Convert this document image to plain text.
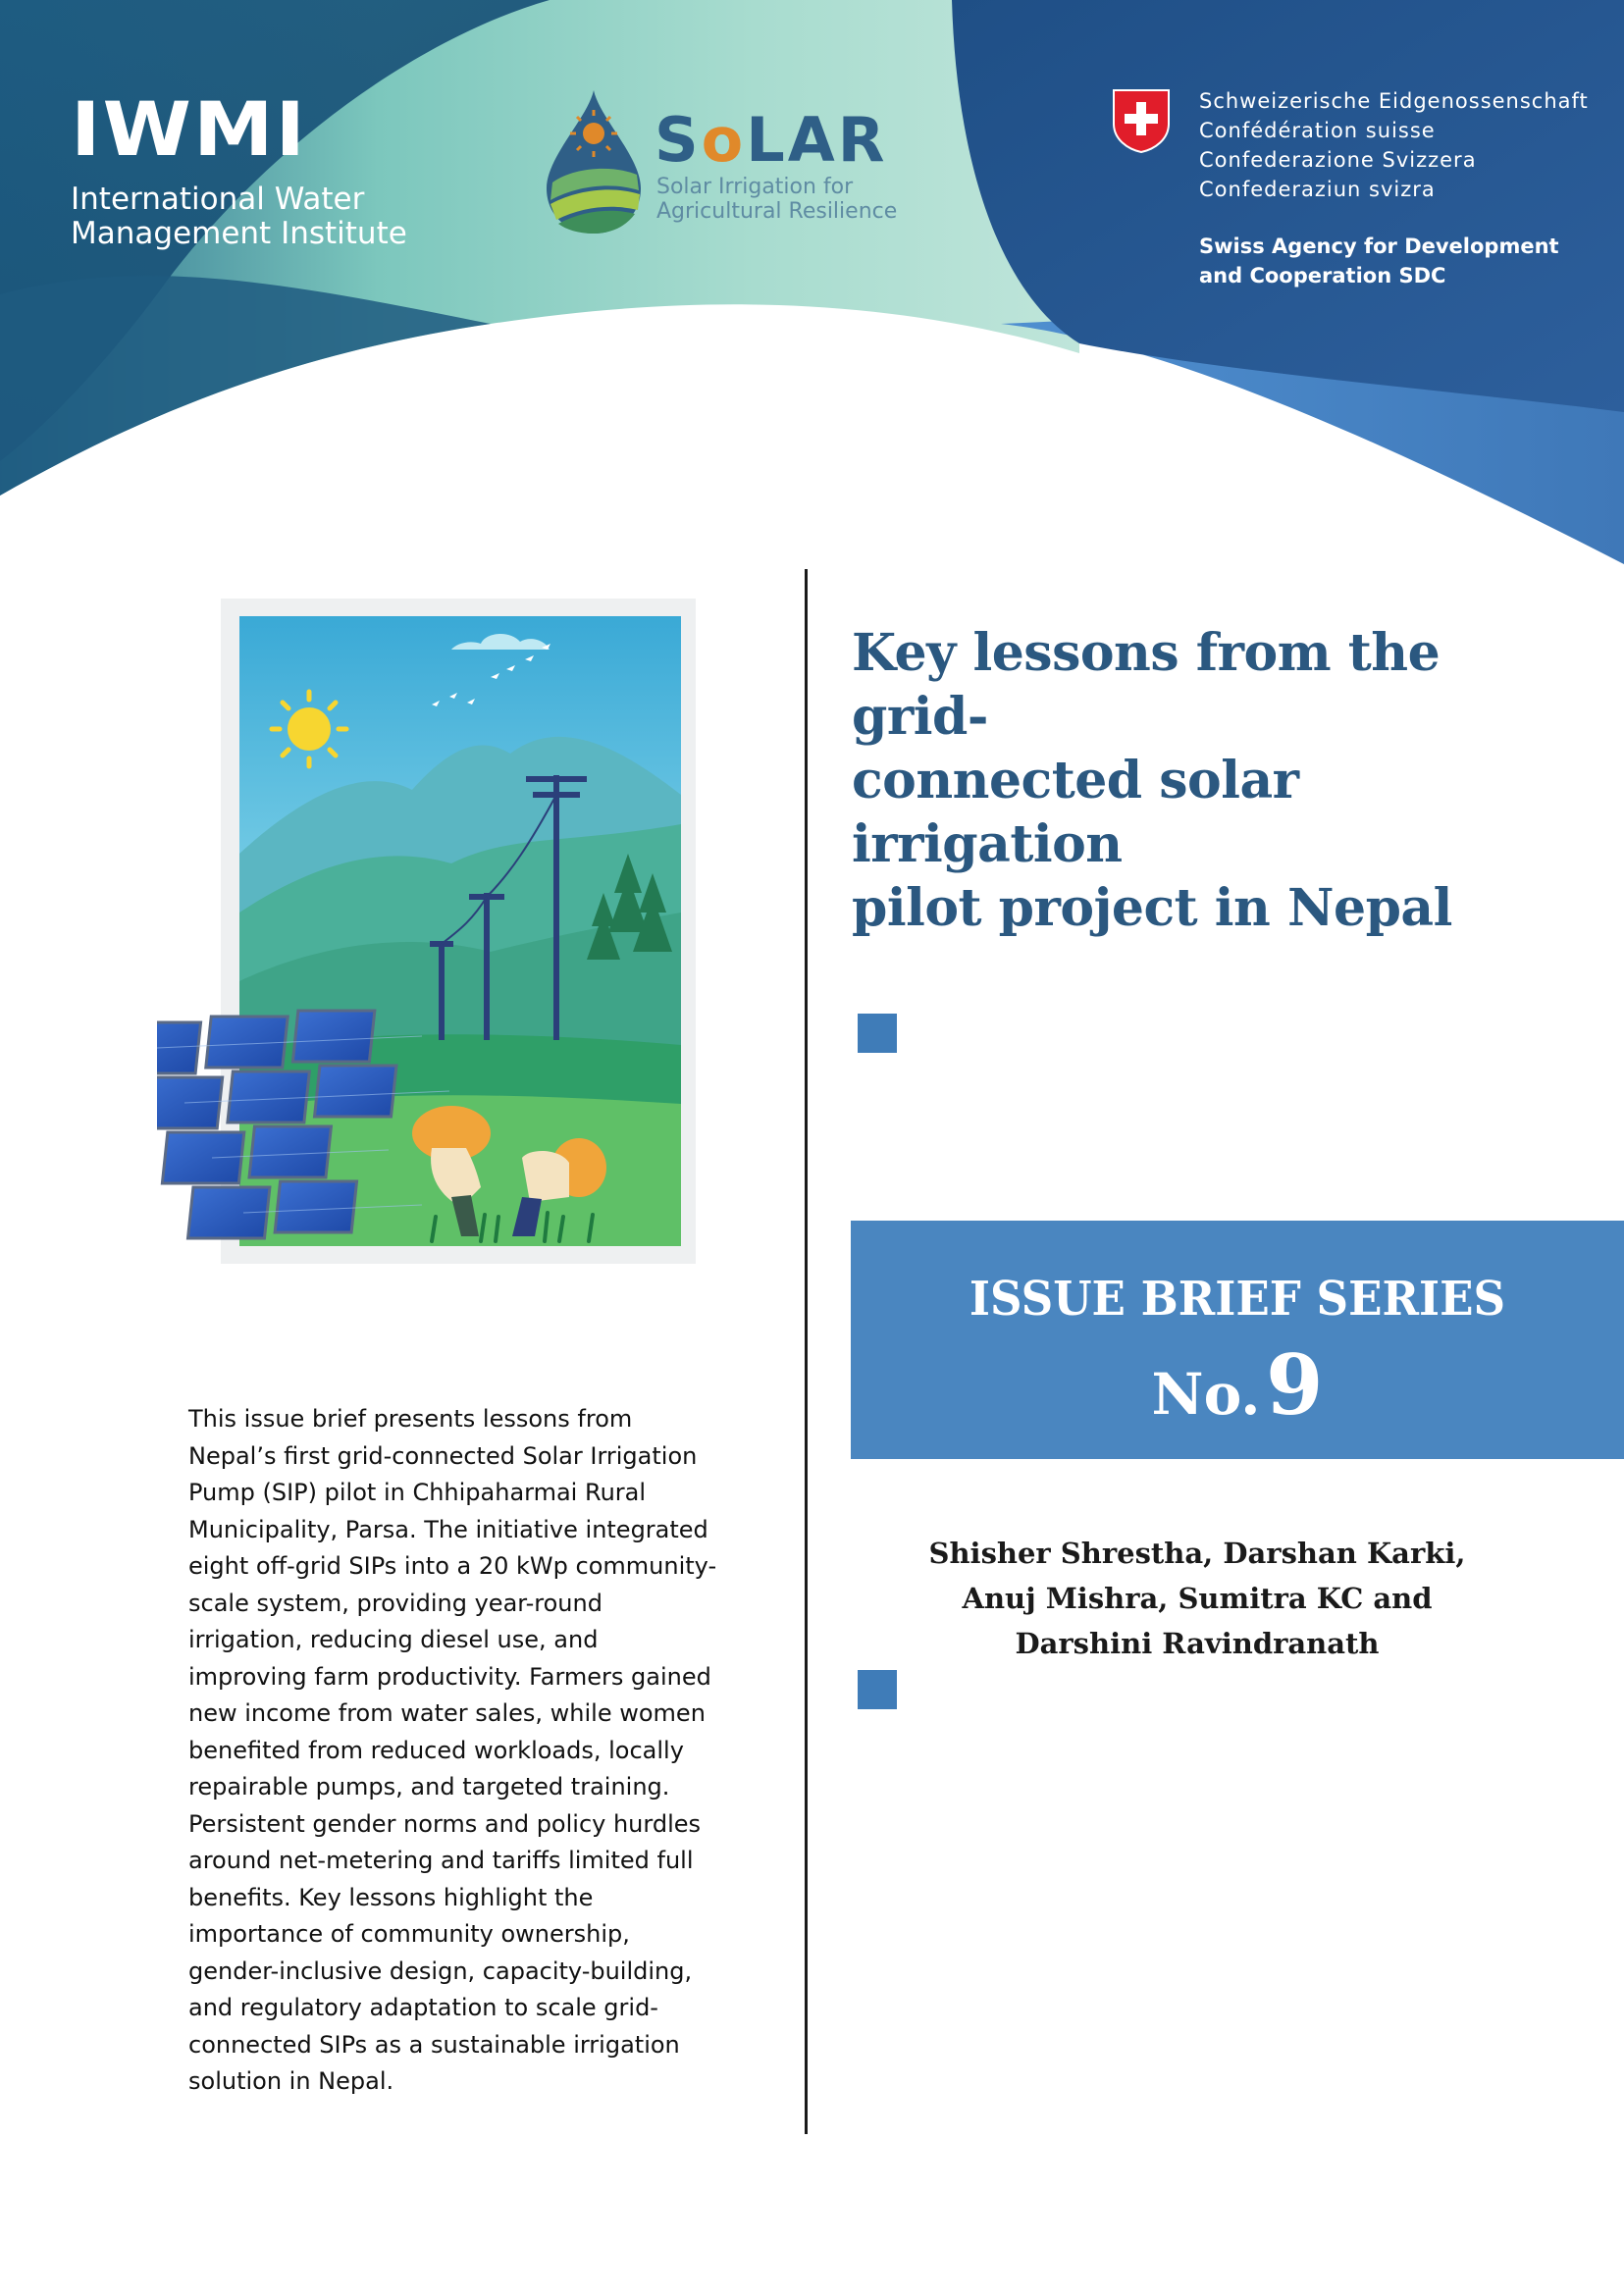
IWMI
International Water
Management Institute
SoLAR
Solar Irrigation for
Agricultural Resilience
Schweizerische Eidgenossenschaft
Confédération suisse
Confederazione Svizzera
Confederaziun svizra
Swiss Agency for Development
and Cooperation SDC
This issue brief presents lessons from Nepal’s first grid-connected Solar Irrigation Pump (SIP) pilot in Chhipaharmai Rural Municipality, Parsa. The initiative integrated eight off-grid SIPs into a 20 kWp community-scale system, providing year-round irrigation, reducing diesel use, and improving farm productivity. Farmers gained new income from water sales, while women benefited from reduced workloads, locally repairable pumps, and targeted training. Persistent gender norms and policy hurdles around net-metering and tariffs limited full benefits. Key lessons highlight the importance of community ownership, gender-inclusive design, capacity-building, and regulatory adaptation to scale grid-connected SIPs as a sustainable irrigation solution in Nepal.
Key lessons from the grid-
connected solar irrigation
pilot project in Nepal
ISSUE BRIEF SERIES
No. 9
Shisher Shrestha, Darshan Karki,
Anuj Mishra, Sumitra KC and
Darshini Ravindranath
